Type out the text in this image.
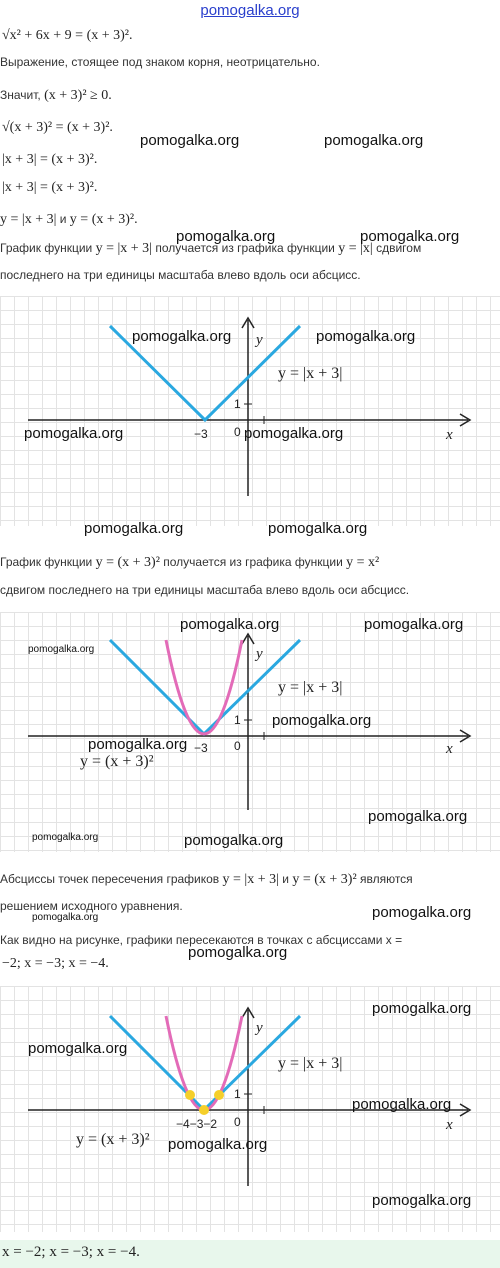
pomogalka.org
√x² + 6x + 9 = (x + 3)².
Выражение, стоящее под знаком корня, неотрицательно.
Значит, (x + 3)² ≥ 0.
√(x + 3)² = (x + 3)².
|x + 3| = (x + 3)².
|x + 3| = (x + 3)².
y = |x + 3| и y = (x + 3)².
График функции y = |x + 3| получается из графика функции y = |x| сдвигом
последнего на три единицы масштаба влево вдоль оси абсцисс.
y
x
1
0
−3
y = |x + 3|
График функции y = (x + 3)² получается из графика функции y = x²
сдвигом последнего на три единицы масштаба влево вдоль оси абсцисс.
y
x
1
0
−3
y = |x + 3|
y = (x + 3)²
Абсциссы точек пересечения графиков y = |x + 3| и y = (x + 3)² являются
решением исходного уравнения.
Как видно на рисунке, графики пересекаются в точках с абсциссами x =
−2; x = −3; x = −4.
y
x
1
0
−4−3−2
y = |x + 3|
y = (x + 3)²
pomogalka.org	pomogalka.org
pomogalka.org	pomogalka.org
pomogalka.org	pomogalka.org
pomogalka.org	pomogalka.org
pomogalka.org	pomogalka.org
pomogalka.org	pomogalka.org
pomogalka.org
pomogalka.org
pomogalka.org
pomogalka.org
pomogalka.org	pomogalka.org
pomogalka.org
pomogalka.org
pomogalka.org
pomogalka.org
pomogalka.org
pomogalka.org
pomogalka.org
pomogalka.org
x = −2; x = −3; x = −4.
